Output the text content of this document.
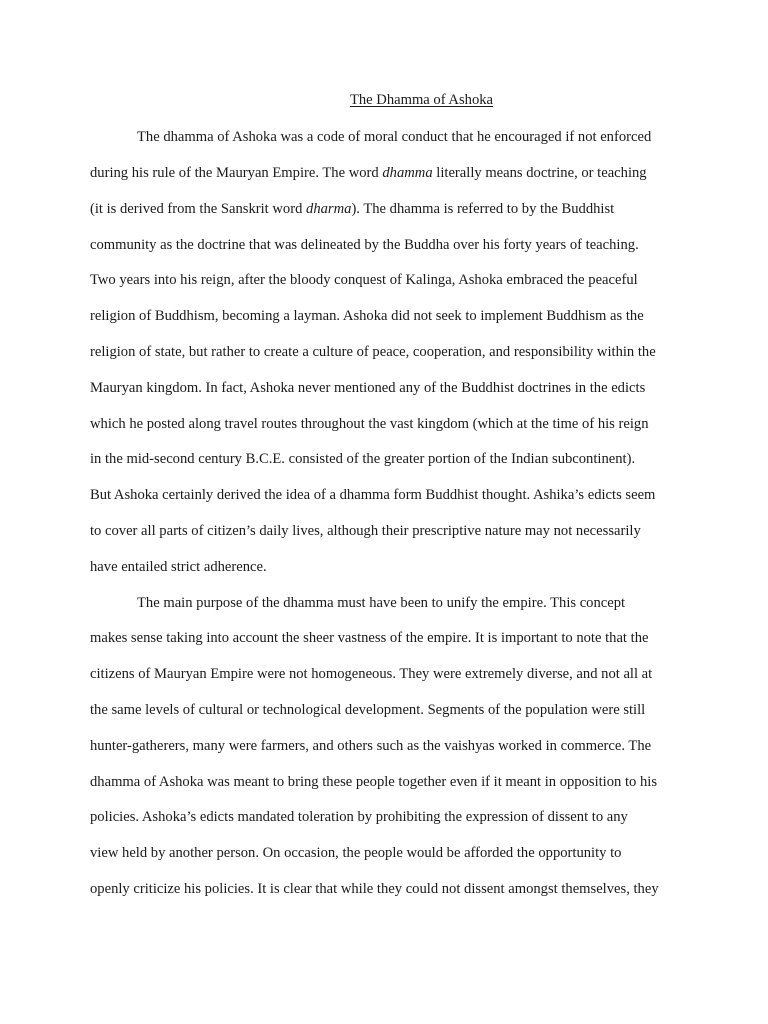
The Dhamma of Ashoka
The dhamma of Ashoka was a code of moral conduct that he encouraged if not enforced
during his rule of the Mauryan Empire. The word dhamma literally means doctrine, or teaching
(it is derived from the Sanskrit word dharma). The dhamma is referred to by the Buddhist
community as the doctrine that was delineated by the Buddha over his forty years of teaching.
Two years into his reign, after the bloody conquest of Kalinga, Ashoka embraced the peaceful
religion of Buddhism, becoming a layman. Ashoka did not seek to implement Buddhism as the
religion of state, but rather to create a culture of peace, cooperation, and responsibility within the
Mauryan kingdom. In fact, Ashoka never mentioned any of the Buddhist doctrines in the edicts
which he posted along travel routes throughout the vast kingdom (which at the time of his reign
in the mid-second century B.C.E. consisted of the greater portion of the Indian subcontinent).
But Ashoka certainly derived the idea of a dhamma form Buddhist thought. Ashika’s edicts seem
to cover all parts of citizen’s daily lives, although their prescriptive nature may not necessarily
have entailed strict adherence.
The main purpose of the dhamma must have been to unify the empire. This concept
makes sense taking into account the sheer vastness of the empire. It is important to note that the
citizens of Mauryan Empire were not homogeneous. They were extremely diverse, and not all at
the same levels of cultural or technological development. Segments of the population were still
hunter-gatherers, many were farmers, and others such as the vaishyas worked in commerce. The
dhamma of Ashoka was meant to bring these people together even if it meant in opposition to his
policies. Ashoka’s edicts mandated toleration by prohibiting the expression of dissent to any
view held by another person. On occasion, the people would be afforded the opportunity to
openly criticize his policies. It is clear that while they could not dissent amongst themselves, they
